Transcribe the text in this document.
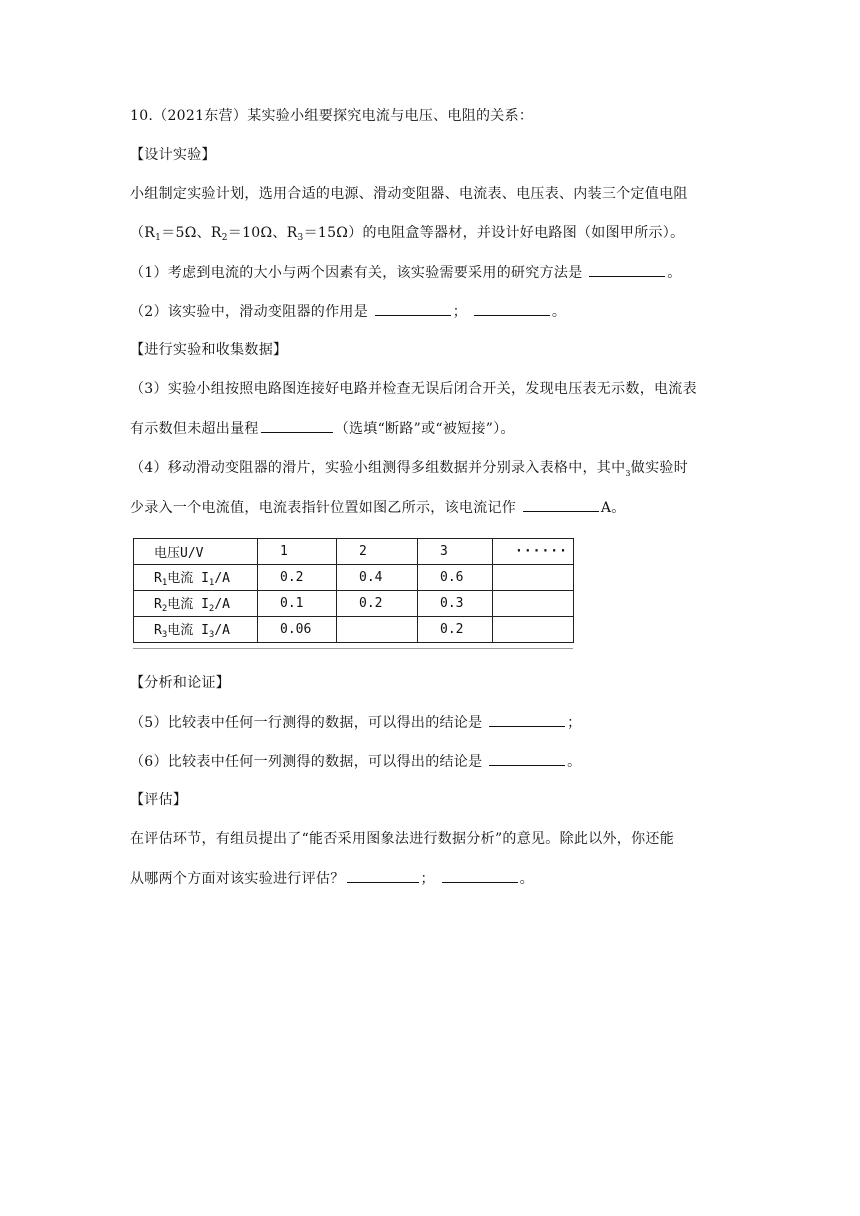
10.（2021东营）某实验小组要探究电流与电压、电阻的关系：
【设计实验】
小组制定实验计划，选用合适的电源、滑动变阻器、电流表、电压表、内装三个定值电阻
（$R_1=5\Omega$、$R_2=10\Omega$、$R_3=15\Omega$）的电阻盒等器材，并设计好电路图（如图甲所示）。
（1）考虑到电流的大小与两个因素有关，该实验需要采用的研究方法是	。
（2）该实验中，滑动变阻器的作用是	；	。
【进行实验和收集数据】
（3）实验小组按照电路图连接好电路并检查无误后闭合开关，发现电压表无示数，电流表
有示数但未超出量程	（选填“断路”或“被短接”）。
（4）移动滑动变阻器的滑片，实验小组测得多组数据并分别录入表格中，其中$_3$做实验时
少录入一个电流值，电流表指针位置如图乙所示，该电流记作	A。
电压U/V	1	2	3	······
$R_1$电流 $I_1/A$	0.2	0.4	0.6	
$R_2$电流 $I_2/A$	0.1	0.2	0.3	
$R_3$电流 $I_3/A$	0.06		0.2	
【分析和论证】
（5）比较表中任何一行测得的数据，可以得出的结论是	；
（6）比较表中任何一列测得的数据，可以得出的结论是	。
【评估】
在评估环节，有组员提出了“能否采用图象法进行数据分析”的意见。除此以外，你还能
从哪两个方面对该实验进行评估？	；	。
